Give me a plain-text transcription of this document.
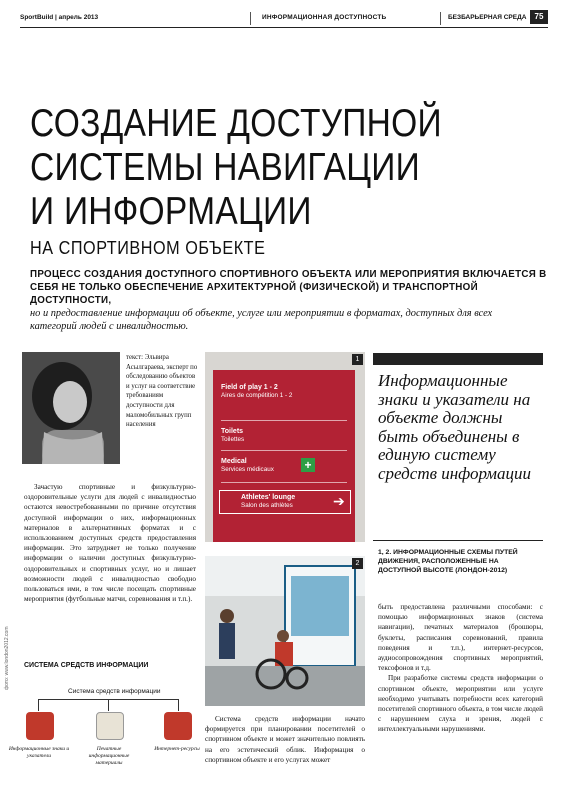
SportBuild | апрель 2013	ИНФОРМАЦИОННАЯ ДОСТУПНОСТЬ	БЕЗБАРЬЕРНАЯ СРЕДА	75
СОЗДАНИЕ ДОСТУПНОЙ
СИСТЕМЫ НАВИГАЦИИ
И ИНФОРМАЦИИ
НА СПОРТИВНОМ ОБЪЕКТЕ
ПРОЦЕСС СОЗДАНИЯ ДОСТУПНОГО СПОРТИВНОГО ОБЪЕКТА ИЛИ МЕРОПРИЯТИЯ ВКЛЮЧАЕТСЯ В СЕБЯ НЕ ТОЛЬКО ОБЕСПЕЧЕНИЕ АРХИТЕКТУРНОЙ (ФИЗИЧЕСКОЙ) И ТРАНСПОРТНОЙ ДОСТУПНОСТИ,
но и предоставление информации об объекте, услуге или мероприятии в форматах, доступных для всех категорий людей с инвалидностью.
текст: Эльвира Асылгараева, эксперт по обследованию объектов и услуг на соответствие требованиям доступности для маломобильных групп населения

Зачастую спортивные и физкультурно-оздоровительные услуги для людей с инвалидностью остаются невостребованными по причине отсутствия доступной информации о них, информационных материалов в альтернативных форматах и с использованием доступных средств предоставления информации. Это затрудняет не только получение информации о наличии доступных физкультурно-оздоровительных и спортивных услуг, но и лишает возможности людей с инвалидностью свободно пользоваться ими, в том числе посещать спортивные мероприятия (футбольные матчи, соревнования и т.п.).

СИСТЕМА СРЕДСТВ ИНФОРМАЦИИ
Система средств информации
Информационные знаки и указатели
Печатные информационные материалы
Интернет-ресурсы
Field of play 1 - 2
Aires de compétition 1 - 2
Toilets
Toilettes
Medical
Services médicaux	+
Athletes' lounge
Salon des athlètes	➔
1
2

Система средств информации начато формируется при планировании посетителей о спортивном объекте и может значительно повлиять на его эстетический облик. Информация о спортивном объекте и его услугах может

Информационные знаки и указатели на объекте должны быть объединены в единую систему средств информации
1, 2. ИНФОРМАЦИОННЫЕ СХЕМЫ ПУТЕЙ ДВИЖЕНИЯ, РАСПОЛОЖЕННЫЕ НА ДОСТУПНОЙ ВЫСОТЕ (ЛОНДОН-2012)

быть предоставлена различными способами: с помощью информационных знаков (система навигации), печатных материалов (брошюры, буклеты, расписания соревнований, правила поведения и т.п.), интернет-ресурсов, аудиосопровождения спортивных мероприятий, тексофонов и т.д.

При разработке системы средств информации о спортивном объекте, мероприятии или услуге необходимо учитывать потребности всех категорий посетителей спортивного объекта, в том числе людей с нарушением слуха и зрения, людей с интеллектуальными нарушениями.

фото: www.london2012.com
